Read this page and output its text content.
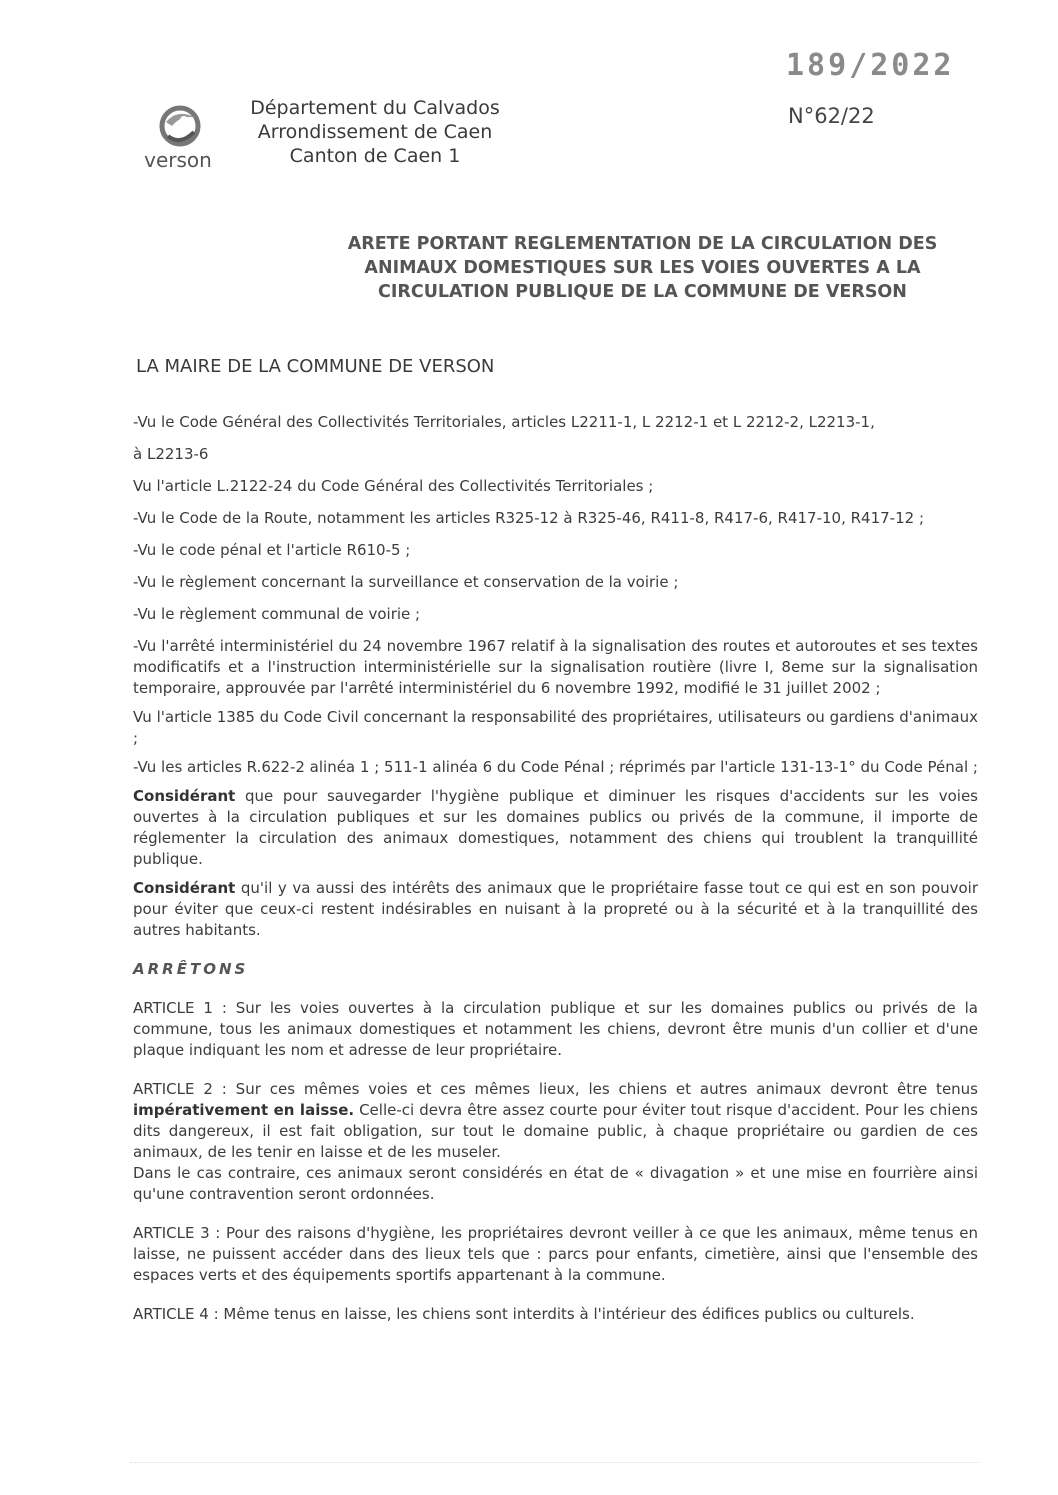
189/2022
verson
Département du Calvados
Arrondissement de Caen
Canton de Caen 1
N°62/22
ARETE PORTANT REGLEMENTATION DE LA CIRCULATION DES ANIMAUX DOMESTIQUES SUR LES VOIES OUVERTES A LA CIRCULATION PUBLIQUE DE LA COMMUNE DE VERSON
LA MAIRE DE LA COMMUNE DE VERSON

-Vu le Code Général des Collectivités Territoriales, articles L2211-1, L 2212-1 et L 2212-2, L2213-1,

à L2213-6

Vu l'article L.2122-24 du Code Général des Collectivités Territoriales ;

-Vu le Code de la Route, notamment les articles R325-12 à R325-46, R411-8, R417-6, R417-10, R417-12 ;

-Vu le code pénal et l'article R610-5 ;

-Vu le règlement concernant la surveillance et conservation de la voirie ;

-Vu le règlement communal de voirie ;

-Vu l'arrêté interministériel du 24 novembre 1967 relatif à la signalisation des routes et autoroutes et ses textes modificatifs et a l'instruction interministérielle sur la signalisation routière (livre I, 8eme sur la signalisation temporaire, approuvée par l'arrêté interministériel du 6 novembre 1992, modifié le 31 juillet 2002 ;

Vu l'article 1385 du Code Civil concernant la responsabilité des propriétaires, utilisateurs ou gardiens d'animaux ;

-Vu les articles R.622-2 alinéa 1 ; 511-1 alinéa 6 du Code Pénal ; réprimés par l'article 131-13-1° du Code Pénal ;

Considérant que pour sauvegarder l'hygiène publique et diminuer les risques d'accidents sur les voies ouvertes à la circulation publiques et sur les domaines publics ou privés de la commune, il importe de réglementer la circulation des animaux domestiques, notamment des chiens qui troublent la tranquillité publique.

Considérant qu'il y va aussi des intérêts des animaux que le propriétaire fasse tout ce qui est en son pouvoir pour éviter que ceux-ci restent indésirables en nuisant à la propreté ou à la sécurité et à la tranquillité des autres habitants.

ARRÊTONS

ARTICLE 1 : Sur les voies ouvertes à la circulation publique et sur les domaines publics ou privés de la commune, tous les animaux domestiques et notamment les chiens, devront être munis d'un collier et d'une plaque indiquant les nom et adresse de leur propriétaire.

ARTICLE 2 : Sur ces mêmes voies et ces mêmes lieux, les chiens et autres animaux devront être tenus impérativement en laisse. Celle-ci devra être assez courte pour éviter tout risque d'accident. Pour les chiens dits dangereux, il est fait obligation, sur tout le domaine public, à chaque propriétaire ou gardien de ces animaux, de les tenir en laisse et de les museler.

Dans le cas contraire, ces animaux seront considérés en état de « divagation » et une mise en fourrière ainsi qu'une contravention seront ordonnées.

ARTICLE 3 : Pour des raisons d'hygiène, les propriétaires devront veiller à ce que les animaux, même tenus en laisse, ne puissent accéder dans des lieux tels que : parcs pour enfants, cimetière, ainsi que l'ensemble des espaces verts et des équipements sportifs appartenant à la commune.

ARTICLE 4 : Même tenus en laisse, les chiens sont interdits à l'intérieur des édifices publics ou culturels.
